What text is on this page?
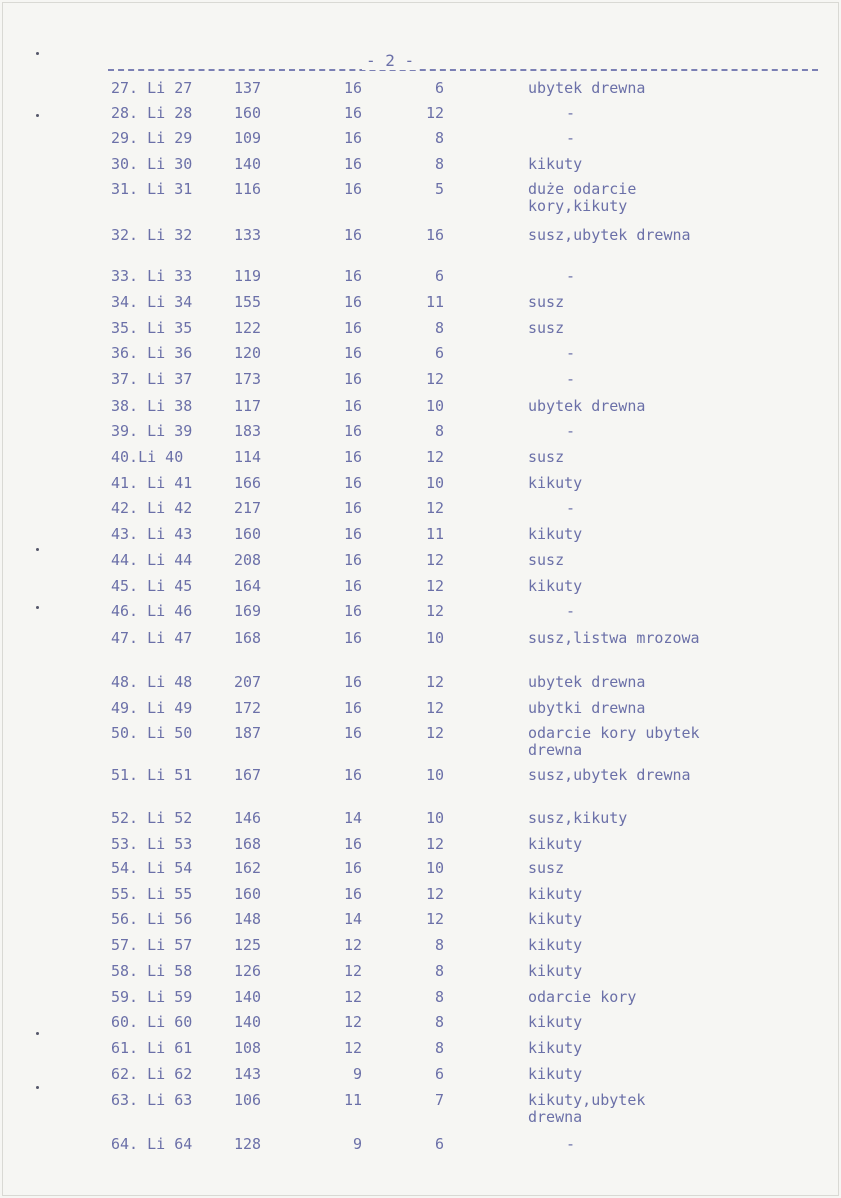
- 2 -
27. Li 27	137	16	6	ubytek drewna
28. Li 28	160	16	12	-
29. Li 29	109	16	8	-
30. Li 30	140	16	8	kikuty
31. Li 31	116	16	5	duże odarcie kory,kikuty
32. Li 32	133	16	16	susz,ubytek drewna
33. Li 33	119	16	6	-
34. Li 34	155	16	11	susz
35. Li 35	122	16	8	susz
36. Li 36	120	16	6	-
37. Li 37	173	16	12	-
38. Li 38	117	16	10	ubytek drewna
39. Li 39	183	16	8	-
40.Li 40	114	16	12	susz
41. Li 41	166	16	10	kikuty
42. Li 42	217	16	12	-
43. Li 43	160	16	11	kikuty
44. Li 44	208	16	12	susz
45. Li 45	164	16	12	kikuty
46. Li 46	169	16	12	-
47. Li 47	168	16	10	susz,listwa mrozowa
48. Li 48	207	16	12	ubytek drewna
49. Li 49	172	16	12	ubytki drewna
50. Li 50	187	16	12	odarcie kory ubytek drewna
51. Li 51	167	16	10	susz,ubytek drewna
52. Li 52	146	14	10	susz,kikuty
53. Li 53	168	16	12	kikuty
54. Li 54	162	16	10	susz
55. Li 55	160	16	12	kikuty
56. Li 56	148	14	12	kikuty
57. Li 57	125	12	8	kikuty
58. Li 58	126	12	8	kikuty
59. Li 59	140	12	8	odarcie kory
60. Li 60	140	12	8	kikuty
61. Li 61	108	12	8	kikuty
62. Li 62	143	9	6	kikuty
63. Li 63	106	11	7	kikuty,ubytek drewna
64. Li 64	128	9	6	-
